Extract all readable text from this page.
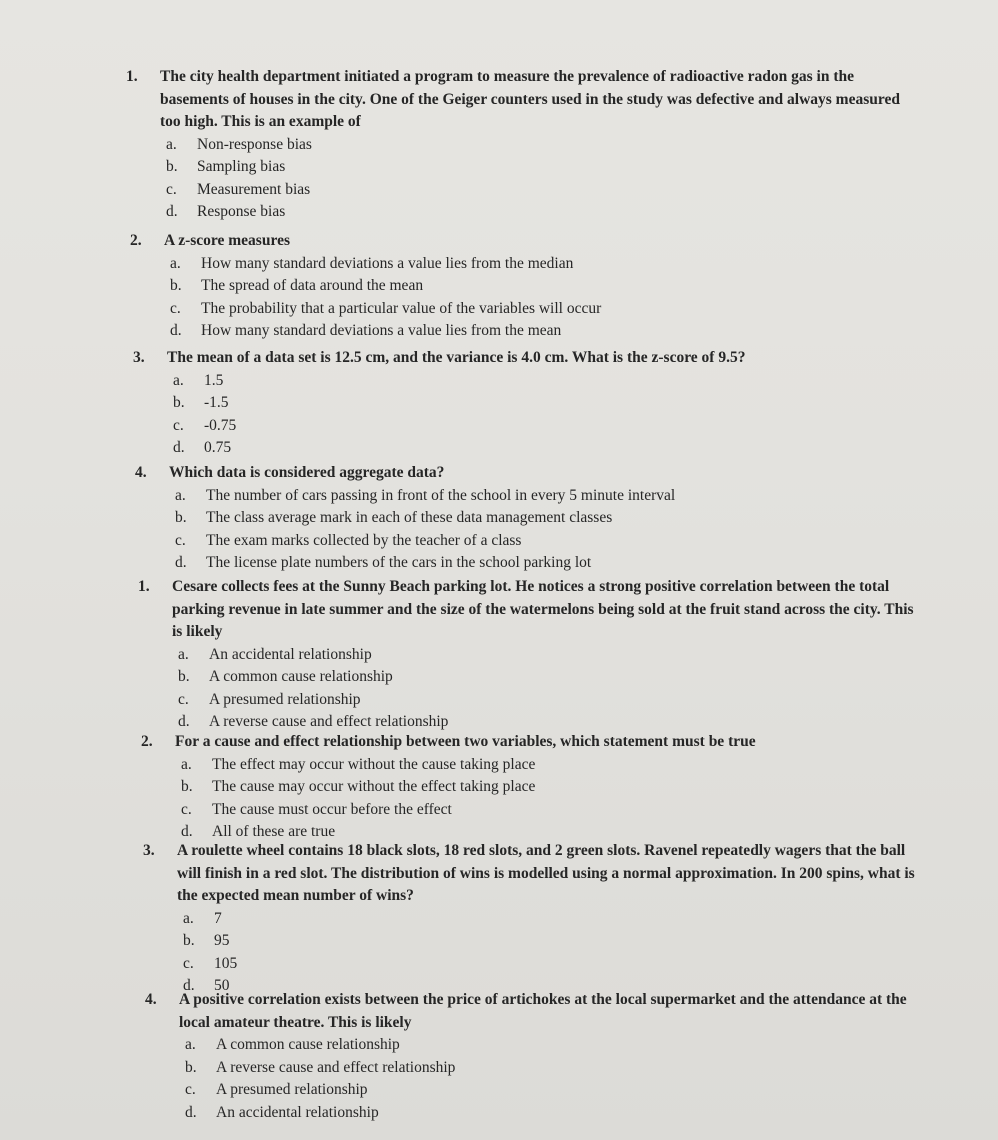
1.	The city health department initiated a program to measure the prevalence of radioactive radon gas in the basements of houses in the city. One of the Geiger counters used in the study was defective and always measured too high. This is an example of
a.	Non-response bias
b.	Sampling bias
c.	Measurement bias
d.	Response bias
2.	A z-score measures
a.	How many standard deviations a value lies from the median
b.	The spread of data around the mean
c.	The probability that a particular value of the variables will occur
d.	How many standard deviations a value lies from the mean
3.	The mean of a data set is 12.5 cm, and the variance is 4.0 cm. What is the z-score of 9.5?
a.	1.5
b.	-1.5
c.	-0.75
d.	0.75
4.	Which data is considered aggregate data?
a.	The number of cars passing in front of the school in every 5 minute interval
b.	The class average mark in each of these data management classes
c.	The exam marks collected by the teacher of a class
d.	The license plate numbers of the cars in the school parking lot
1.	Cesare collects fees at the Sunny Beach parking lot. He notices a strong positive correlation between the total parking revenue in late summer and the size of the watermelons being sold at the fruit stand across the city. This is likely
a.	An accidental relationship
b.	A common cause relationship
c.	A presumed relationship
d.	A reverse cause and effect relationship
2.	For a cause and effect relationship between two variables, which statement must be true
a.	The effect may occur without the cause taking place
b.	The cause may occur without the effect taking place
c.	The cause must occur before the effect
d.	All of these are true
3.	A roulette wheel contains 18 black slots, 18 red slots, and 2 green slots. Ravenel repeatedly wagers that the ball will finish in a red slot. The distribution of wins is modelled using a normal approximation. In 200 spins, what is the expected mean number of wins?
a.	7
b.	95
c.	105
d.	50
4.	A positive correlation exists between the price of artichokes at the local supermarket and the attendance at the local amateur theatre. This is likely
a.	A common cause relationship
b.	A reverse cause and effect relationship
c.	A presumed relationship
d.	An accidental relationship
